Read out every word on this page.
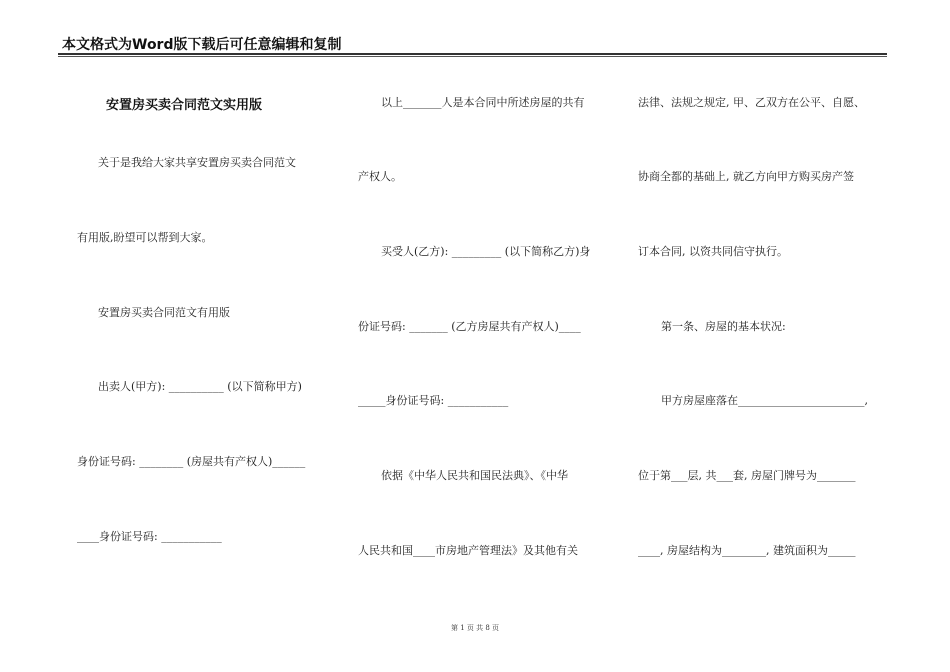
本文格式为Word版下载后可任意编辑和复制
安置房买卖合同范文实用版
关于是我给大家共享安置房买卖合同范文
有用版,盼望可以帮到大家。
安置房买卖合同范文有用版
出卖人(甲方): __________ (以下简称甲方)
身份证号码: ________ (房屋共有产权人)______
____身份证号码: ___________
以上_______人是本合同中所述房屋的共有
产权人。
买受人(乙方): _________ (以下简称乙方)身
份证号码: _______ (乙方房屋共有产权人)____
_____身份证号码: ___________
依据《中华人民共和国民法典》、《中华
人民共和国____市房地产管理法》及其他有关
法律、法规之规定, 甲、乙双方在公平、自愿、
协商全都的基础上, 就乙方向甲方购买房产签
订本合同, 以资共同信守执行。
第一条、房屋的基本状况:
甲方房屋座落在_______________________,
位于第___层, 共___套, 房屋门牌号为_______
____, 房屋结构为________, 建筑面积为_____
第 1 页 共 8 页
